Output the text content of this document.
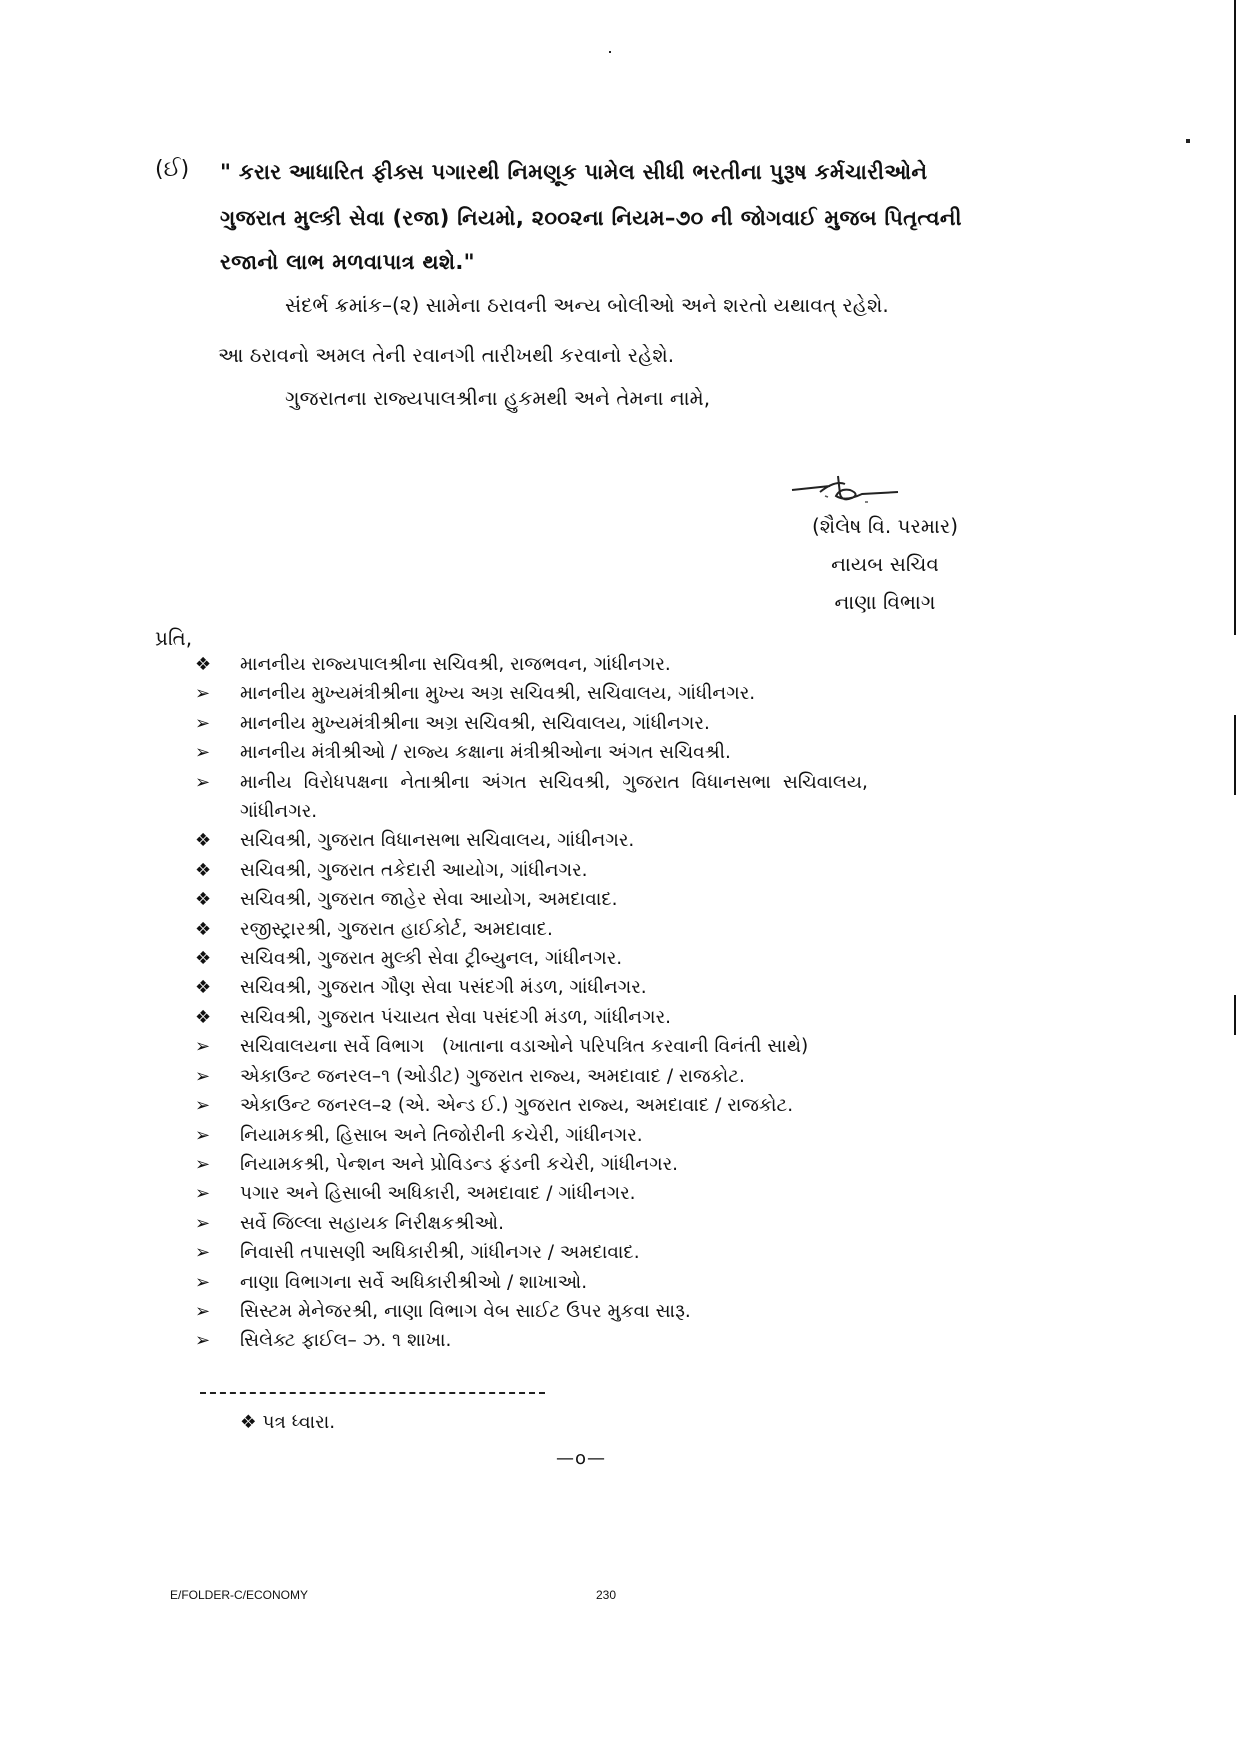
(ઈ) " કરાર આધારિત ફીક્સ પગારથી નિમણૂક પામેલ સીધી ભરતીના પુરૂષ કર્મચારીઓને
ગુજરાત મુલ્કી સેવા (રજા) નિયમો, ૨૦૦૨ના નિયમ–૭૦ ની જોગવાઈ મુજબ પિતૃત્વની
રજાનો લાભ મળવાપાત્ર થશે."
સંદર્ભ ક્રમાંક–(૨) સામેના ઠરાવની અન્ય બોલીઓ અને શરતો યથાવત્ રહેશે.
આ ઠરાવનો અમલ તેની રવાનગી તારીખથી કરવાનો રહેશે.
ગુજરાતના રાજ્યપાલશ્રીના હુકમથી અને તેમના નામે,
(શૈલેષ વિ. પરમાર)
નાયબ સચિવ
નાણા વિભાગ
પ્રતિ,
❖	માનનીય રાજ્યપાલશ્રીના સચિવશ્રી, રાજભવન, ગાંધીનગર.
➢	માનનીય મુખ્યમંત્રીશ્રીના મુખ્ય અગ્ર સચિવશ્રી, સચિવાલય, ગાંધીનગર.
➢	માનનીય મુખ્યમંત્રીશ્રીના અગ્ર સચિવશ્રી, સચિવાલય, ગાંધીનગર.
➢	માનનીય મંત્રીશ્રીઓ / રાજ્ય કક્ષાના મંત્રીશ્રીઓના અંગત સચિવશ્રી.
➢	માનીય વિરોધપક્ષના નેતાશ્રીના અંગત સચિવશ્રી, ગુજરાત વિધાનસભા સચિવાલય, ગાંધીનગર.
❖	સચિવશ્રી, ગુજરાત વિધાનસભા સચિવાલય, ગાંધીનગર.
❖	સચિવશ્રી, ગુજરાત તકેદારી આયોગ, ગાંધીનગર.
❖	સચિવશ્રી, ગુજરાત જાહેર સેવા આયોગ, અમદાવાદ.
❖	રજીસ્ટ્રારશ્રી, ગુજરાત હાઈકોર્ટ, અમદાવાદ.
❖	સચિવશ્રી, ગુજરાત મુલ્કી સેવા ટ્રીબ્યુનલ, ગાંધીનગર.
❖	સચિવશ્રી, ગુજરાત ગૌણ સેવા પસંદગી મંડળ, ગાંધીનગર.
❖	સચિવશ્રી, ગુજરાત પંચાયત સેવા પસંદગી મંડળ, ગાંધીનગર.
➢	સચિવાલયના સર્વે વિભાગ   (ખાતાના વડાઓને પરિપત્રિત કરવાની વિનંતી સાથે)
➢	એકાઉન્ટ જનરલ–૧ (ઓડીટ) ગુજરાત રાજ્ય, અમદાવાદ / રાજકોટ.
➢	એકાઉન્ટ જનરલ–૨ (એ. એન્ડ ઈ.) ગુજરાત રાજ્ય, અમદાવાદ / રાજકોટ.
➢	નિયામકશ્રી, હિસાબ અને તિજોરીની કચેરી, ગાંધીનગર.
➢	નિયામકશ્રી, પેન્શન અને પ્રોવિડન્ડ ફંડની કચેરી, ગાંધીનગર.
➢	પગાર અને હિસાબી અધિકારી, અમદાવાદ / ગાંધીનગર.
➢	સર્વે જિલ્લા સહાયક નિરીક્ષકશ્રીઓ.
➢	નિવાસી તપાસણી અધિકારીશ્રી, ગાંધીનગર / અમદાવાદ.
➢	નાણા વિભાગના સર્વે અધિકારીશ્રીઓ / શાખાઓ.
➢	સિસ્ટમ મેનેજરશ્રી, નાણા વિભાગ વેબ સાઈટ ઉપર મુકવા સારૂ.
➢	સિલેક્ટ ફાઈલ– ઝ. ૧ શાખા.
❖ પત્ર ધ્વારા.
—o—
E/FOLDER-C/ECONOMY	230
